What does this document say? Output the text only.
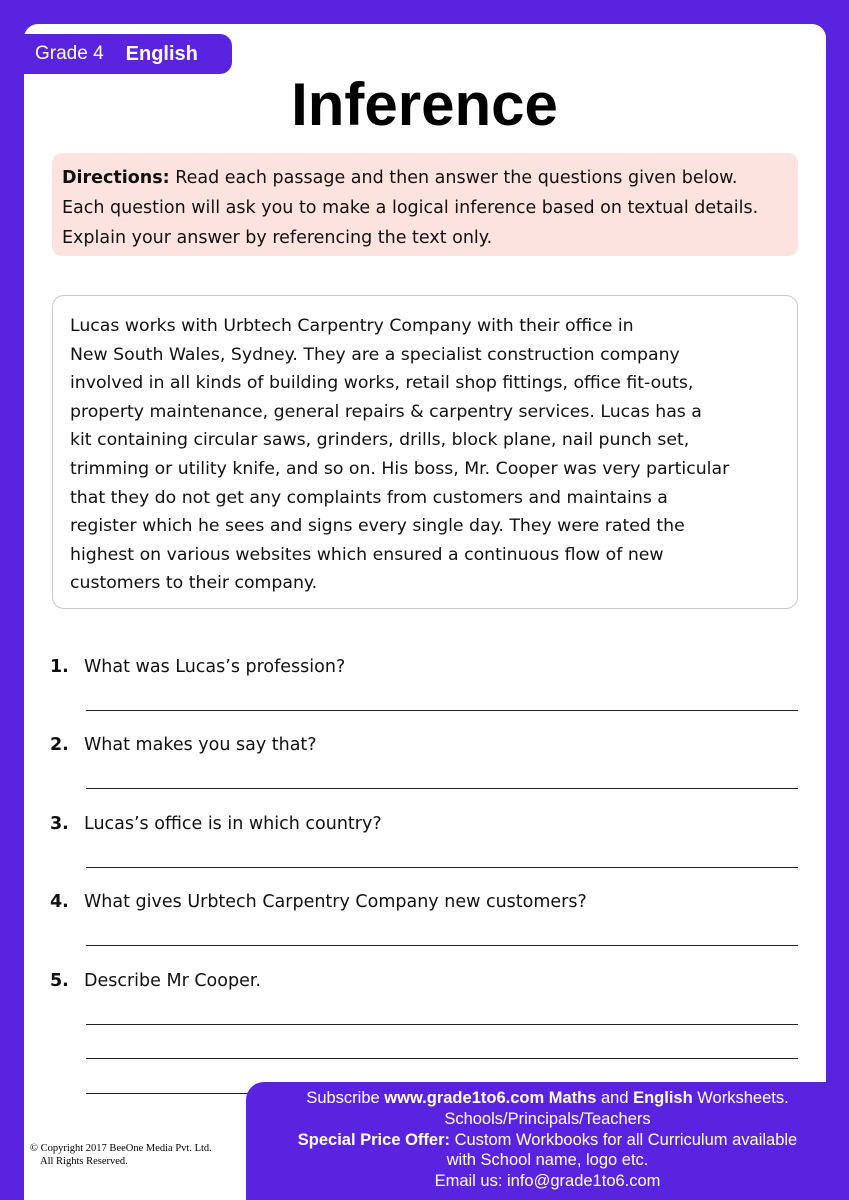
Grade 4 English
Inference
Directions: Read each passage and then answer the questions given below.
Each question will ask you to make a logical inference based on textual details.
Explain your answer by referencing the text only.
Lucas works with Urbtech Carpentry Company with their office in
New South Wales, Sydney. They are a specialist construction company
involved in all kinds of building works, retail shop fittings, office fit-outs,
property maintenance, general repairs & carpentry services. Lucas has a
kit containing circular saws, grinders, drills, block plane, nail punch set,
trimming or utility knife, and so on. His boss, Mr. Cooper was very particular
that they do not get any complaints from customers and maintains a
register which he sees and signs every single day. They were rated the
highest on various websites which ensured a continuous flow of new
customers to their company.
1. What was Lucas’s profession?
2. What makes you say that?
3. Lucas’s office is in which country?
4. What gives Urbtech Carpentry Company new customers?
5. Describe Mr Cooper.
Subscribe www.grade1to6.com Maths and English Worksheets.
Schools/Principals/Teachers
Special Price Offer: Custom Workbooks for all Curriculum available
with School name, logo etc.
Email us: info@grade1to6.com
© Copyright 2017 BeeOne Media Pvt. Ltd.
All Rights Reserved.
